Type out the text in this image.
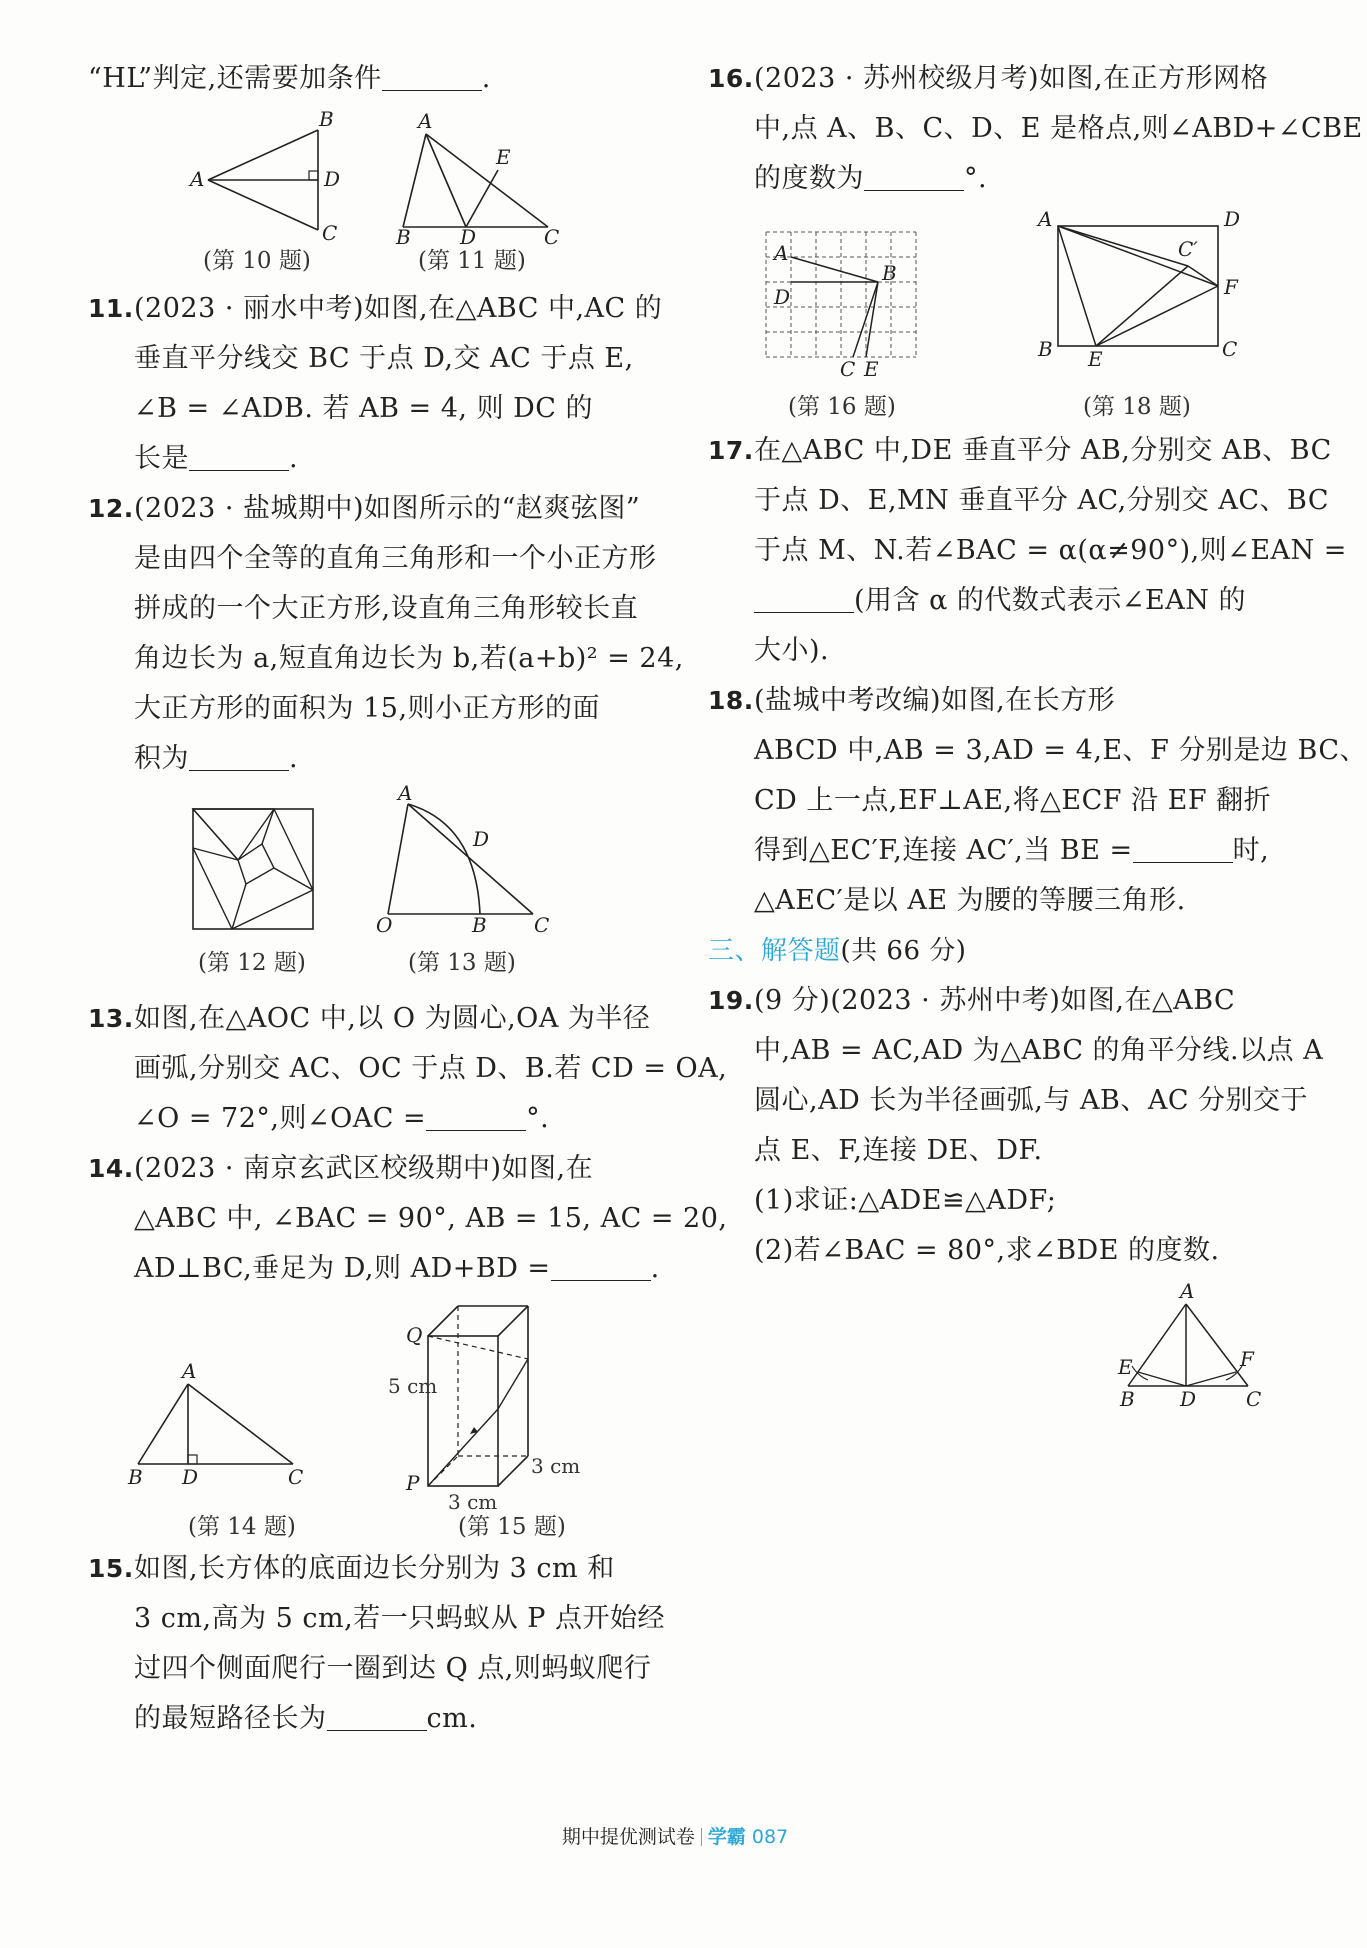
“HL”判定,还需要加条件	.
A
B
D
C
A
E
B D	C
(第 10 题)	(第 11 题)
11.(2023 · 丽水中考)如图,在△ABC 中,AC 的
垂直平分线交 BC 于点 D,交 AC 于点 E,
∠B = ∠ADB. 若 AB = 4, 则 DC 的
长是	.
12.(2023 · 盐城期中)如图所示的“赵爽弦图”
是由四个全等的直角三角形和一个小正方形
拼成的一个大正方形,设直角三角形较长直
角边长为 a,短直角边长为 b,若(a+b)² = 24,
大正方形的面积为 15,则小正方形的面
积为	.
A
D
O	B C
(第 12 题)	(第 13 题)
13.如图,在△AOC 中,以 O 为圆心,OA 为半径
画弧,分别交 AC、OC 于点 D、B.若 CD = OA,
∠O = 72°,则∠OAC =	°.
14.(2023 · 南京玄武区校级期中)如图,在
△ABC 中, ∠BAC = 90°, AB = 15, AC = 20,
AD⊥BC,垂足为 D,则 AD+BD =	.
A
B D	C
Q
P
5 cm
3 cm
3 cm
(第 14 题)	(第 15 题)
15.如图,长方体的底面边长分别为 3 cm 和
3 cm,高为 5 cm,若一只蚂蚁从 P 点开始经
过四个侧面爬行一圈到达 Q 点,则蚂蚁爬行
的最短路径长为	cm.
16.(2023 · 苏州校级月考)如图,在正方形网格
中,点 A、B、C、D、E 是格点,则∠ABD+∠CBE
的度数为	°.
A
B
D
C E
A	D
B E	C
F
C′
(第 16 题)	(第 18 题)
17.在△ABC 中,DE 垂直平分 AB,分别交 AB、BC
于点 D、E,MN 垂直平分 AC,分别交 AC、BC
于点 M、N.若∠BAC = α(α≠90°),则∠EAN =
(用含 α 的代数式表示∠EAN 的
大小).
18.(盐城中考改编)如图,在长方形
ABCD 中,AB = 3,AD = 4,E、F 分别是边 BC、
CD 上一点,EF⊥AE,将△ECF 沿 EF 翻折
得到△EC′F,连接 AC′,当 BE =	时,
△AEC′是以 AE 为腰的等腰三角形.
三、解答题(共 66 分)
19.(9 分)(2023 · 苏州中考)如图,在△ABC
中,AB = AC,AD 为△ABC 的角平分线.以点 A
圆心,AD 长为半径画弧,与 AB、AC 分别交于
点 E、F,连接 DE、DF.
(1)求证:△ADE≌△ADF;
(2)若∠BAC = 80°,求∠BDE 的度数.
A
E	F
B D C
期中提优测试卷 学霸 087
